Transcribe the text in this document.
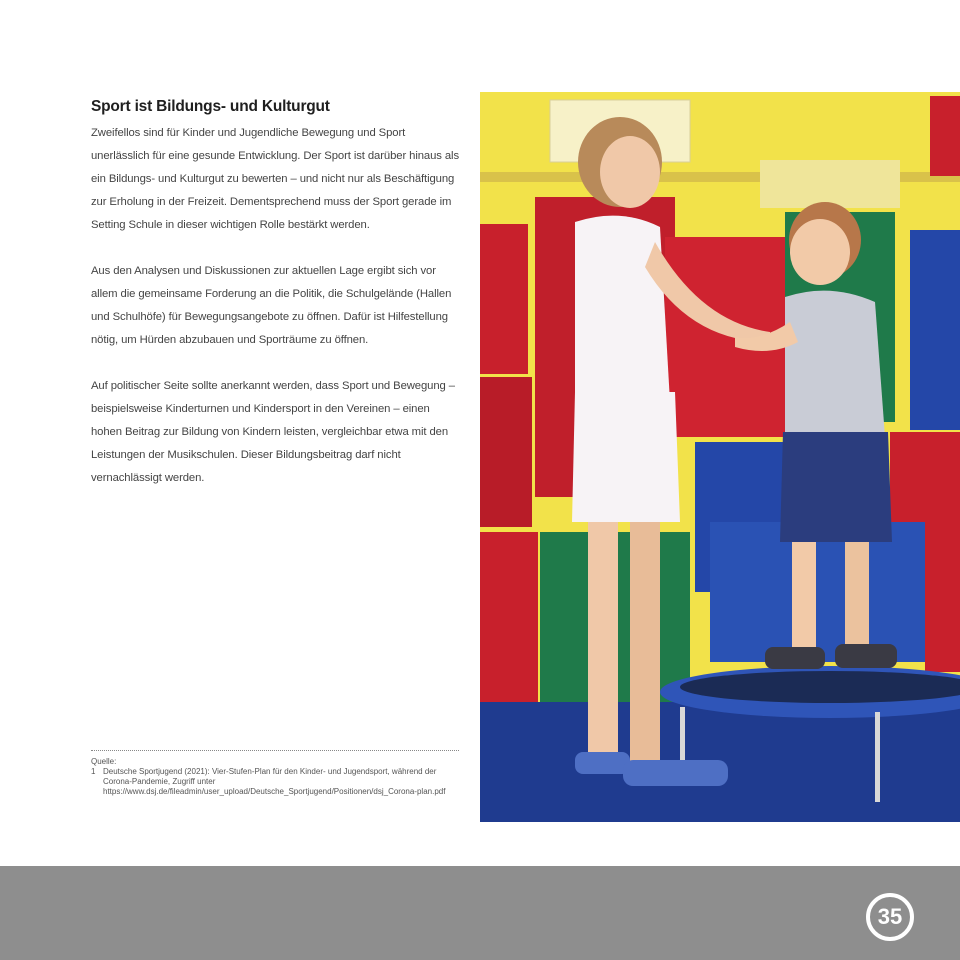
Sport ist Bildungs- und Kulturgut

Zweifellos sind für Kinder und Jugendliche Bewegung und Sport unerlässlich für eine gesunde Entwicklung. Der Sport ist darüber hinaus als ein Bildungs- und Kulturgut zu bewerten – und nicht nur als Beschäftigung zur Erholung in der Freizeit. Dementsprechend muss der Sport gerade im Setting Schule in dieser wichtigen Rolle bestärkt werden.

Aus den Analysen und Diskussionen zur aktuellen Lage ergibt sich vor allem die gemeinsame Forderung an die Politik, die Schulgelände (Hallen und Schulhöfe) für Bewegungsangebote zu öffnen. Dafür ist Hilfestellung nötig, um Hürden abzubauen und Sporträume zu öffnen.

Auf politischer Seite sollte anerkannt werden, dass Sport und Bewegung – beispielsweise Kinderturnen und Kindersport in den Vereinen – einen hohen Beitrag zur Bildung von Kindern leisten, vergleichbar etwa mit den Leistungen der Musikschulen. Dieser Bildungsbeitrag darf nicht vernachlässigt werden.

Quelle:
1 Deutsche Sportjugend (2021): Vier-Stufen-Plan für den Kinder- und Jugendsport, während der Corona-Pandemie, Zugriff unter https://www.dsj.de/fileadmin/user_upload/Deutsche_Sportjugend/Positionen/dsj_Corona-plan.pdf
35
